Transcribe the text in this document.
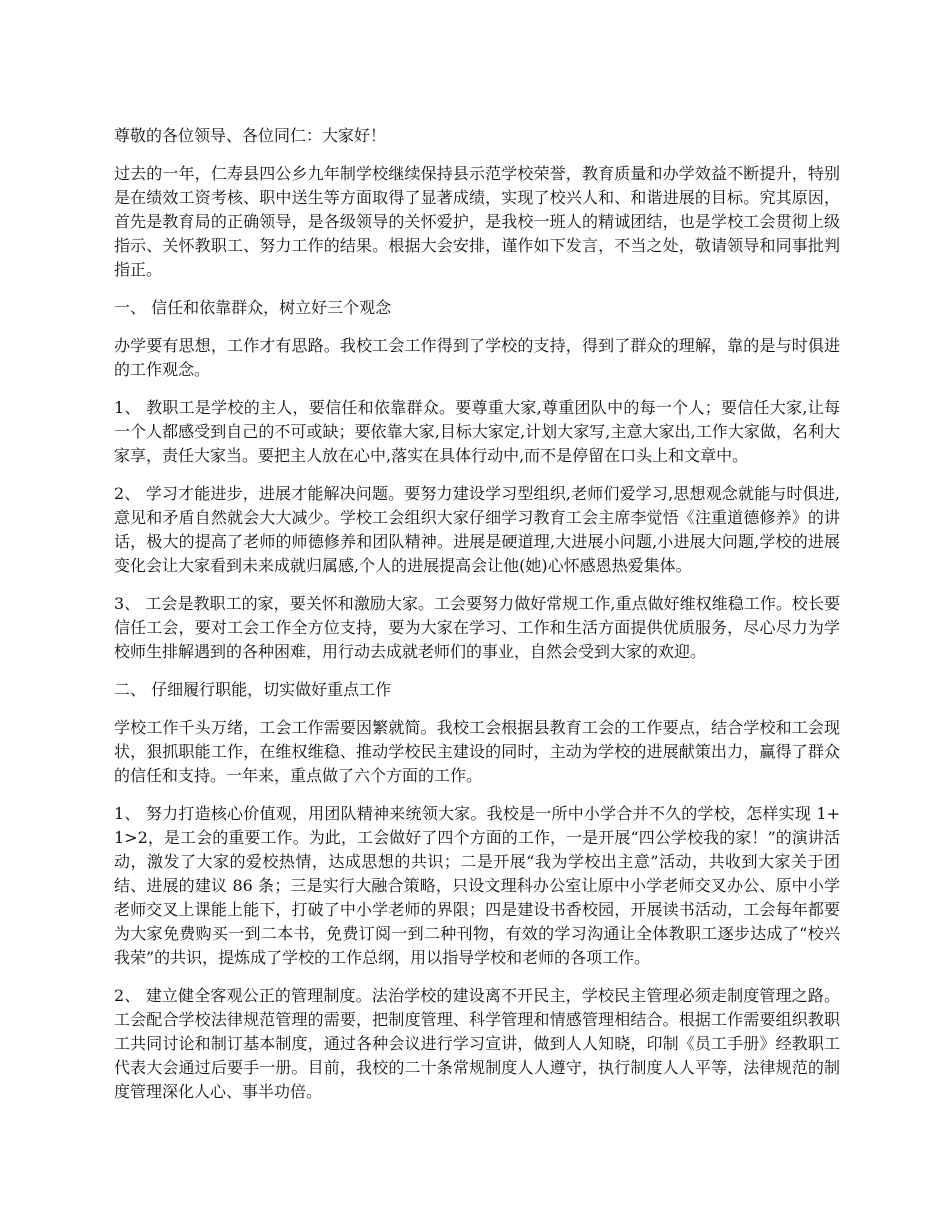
尊敬的各位领导、各位同仁：大家好！

过去的一年，仁寿县四公乡九年制学校继续保持县示范学校荣誉，教育质量和办学效益不断提升，特别是在绩效工资考核、职中送生等方面取得了显著成绩，实现了校兴人和、和谐进展的目标。究其原因，首先是教育局的正确领导，是各级领导的关怀爱护，是我校一班人的精诚团结，也是学校工会贯彻上级指示、关怀教职工、努力工作的结果。根据大会安排，谨作如下发言，不当之处，敬请领导和同事批判指正。

一、 信任和依靠群众，树立好三个观念

办学要有思想，工作才有思路。我校工会工作得到了学校的支持，得到了群众的理解，靠的是与时俱进的工作观念。

1、 教职工是学校的主人，要信任和依靠群众。要尊重大家,尊重团队中的每一个人；要信任大家,让每一个人都感受到自己的不可或缺；要依靠大家,目标大家定,计划大家写,主意大家出,工作大家做，名利大家享，责任大家当。要把主人放在心中,落实在具体行动中,而不是停留在口头上和文章中。

2、 学习才能进步，进展才能解决问题。要努力建设学习型组织,老师们爱学习,思想观念就能与时俱进,意见和矛盾自然就会大大减少。学校工会组织大家仔细学习教育工会主席李觉悟《注重道德修养》的讲话，极大的提高了老师的师德修养和团队精神。进展是硬道理,大进展小问题,小进展大问题,学校的进展变化会让大家看到未来成就归属感,个人的进展提高会让他(她)心怀感恩热爱集体。

3、 工会是教职工的家，要关怀和激励大家。工会要努力做好常规工作,重点做好维权维稳工作。校长要信任工会，要对工会工作全方位支持，要为大家在学习、工作和生活方面提供优质服务，尽心尽力为学校师生排解遇到的各种困难，用行动去成就老师们的事业，自然会受到大家的欢迎。

二、 仔细履行职能，切实做好重点工作

学校工作千头万绪，工会工作需要因繁就简。我校工会根据县教育工会的工作要点，结合学校和工会现状，狠抓职能工作，在维权维稳、推动学校民主建设的同时，主动为学校的进展献策出力，赢得了群众的信任和支持。一年来，重点做了六个方面的工作。

1、 努力打造核心价值观，用团队精神来统领大家。我校是一所中小学合并不久的学校，怎样实现 1+1>2，是工会的重要工作。为此，工会做好了四个方面的工作，一是开展“四公学校我的家！”的演讲活动，激发了大家的爱校热情，达成思想的共识；二是开展“我为学校出主意”活动，共收到大家关于团结、进展的建议 86 条；三是实行大融合策略，只设文理科办公室让原中小学老师交叉办公、原中小学老师交叉上课能上能下，打破了中小学老师的界限；四是建设书香校园，开展读书活动，工会每年都要为大家免费购买一到二本书，免费订阅一到二种刊物，有效的学习沟通让全体教职工逐步达成了“校兴我荣”的共识，提炼成了学校的工作总纲，用以指导学校和老师的各项工作。

2、 建立健全客观公正的管理制度。法治学校的建设离不开民主，学校民主管理必须走制度管理之路。工会配合学校法律规范管理的需要，把制度管理、科学管理和情感管理相结合。根据工作需要组织教职工共同讨论和制订基本制度，通过各种会议进行学习宣讲，做到人人知晓，印制《员工手册》经教职工代表大会通过后要手一册。目前，我校的二十条常规制度人人遵守，执行制度人人平等，法律规范的制度管理深化人心、事半功倍。
